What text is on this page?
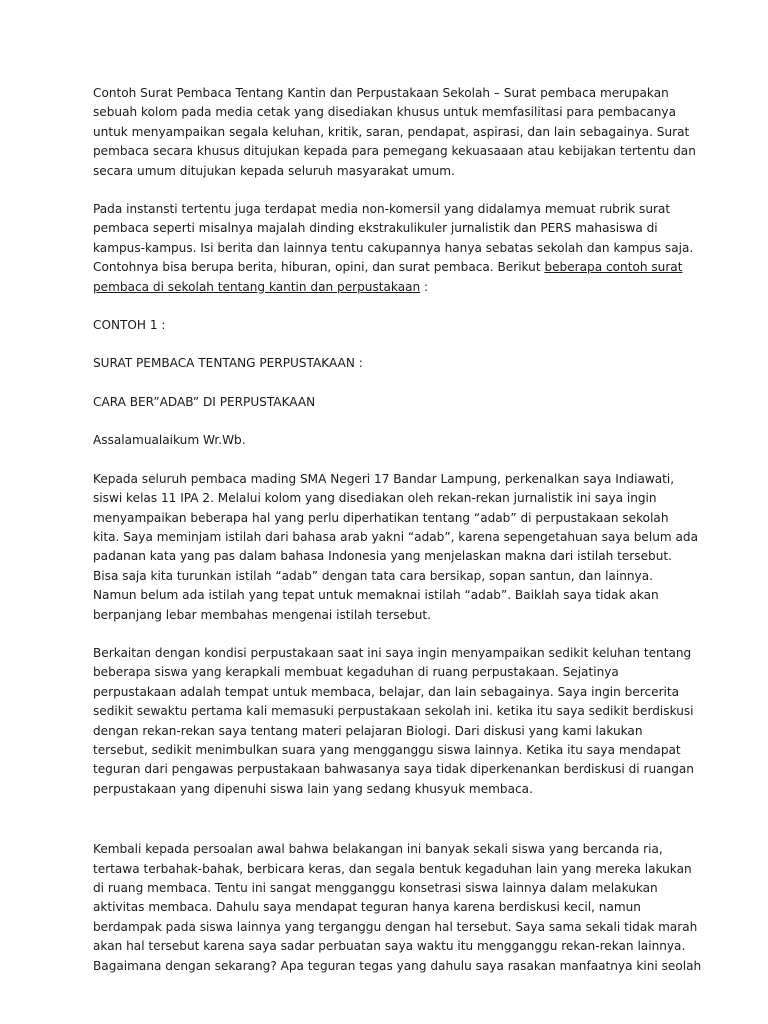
Contoh Surat Pembaca Tentang Kantin dan Perpustakaan Sekolah – Surat pembaca merupakan
sebuah kolom pada media cetak yang disediakan khusus untuk memfasilitasi para pembacanya
untuk menyampaikan segala keluhan, kritik, saran, pendapat, aspirasi, dan lain sebagainya. Surat
pembaca secara khusus ditujukan kepada para pemegang kekuasaaan atau kebijakan tertentu dan
secara umum ditujukan kepada seluruh masyarakat umum.

Pada instansti tertentu juga terdapat media non-komersil yang didalamya memuat rubrik surat
pembaca seperti misalnya majalah dinding ekstrakulikuler jurnalistik dan PERS mahasiswa di
kampus-kampus. Isi berita dan lainnya tentu cakupannya hanya sebatas sekolah dan kampus saja.
Contohnya bisa berupa berita, hiburan, opini, dan surat pembaca. Berikut beberapa contoh surat
pembaca di sekolah tentang kantin dan perpustakaan :

CONTOH 1 :

SURAT PEMBACA TENTANG PERPUSTAKAAN :

CARA BER”ADAB” DI PERPUSTAKAAN

Assalamualaikum Wr.Wb.

Kepada seluruh pembaca mading SMA Negeri 17 Bandar Lampung, perkenalkan saya Indiawati,
siswi kelas 11 IPA 2. Melalui kolom yang disediakan oleh rekan-rekan jurnalistik ini saya ingin
menyampaikan beberapa hal yang perlu diperhatikan tentang “adab” di perpustakaan sekolah
kita. Saya meminjam istilah dari bahasa arab yakni “adab”, karena sepengetahuan saya belum ada
padanan kata yang pas dalam bahasa Indonesia yang menjelaskan makna dari istilah tersebut.
Bisa saja kita turunkan istilah “adab” dengan tata cara bersikap, sopan santun, dan lainnya.
Namun belum ada istilah yang tepat untuk memaknai istilah “adab”. Baiklah saya tidak akan
berpanjang lebar membahas mengenai istilah tersebut.

Berkaitan dengan kondisi perpustakaan saat ini saya ingin menyampaikan sedikit keluhan tentang
beberapa siswa yang kerapkali membuat kegaduhan di ruang perpustakaan. Sejatinya
perpustakaan adalah tempat untuk membaca, belajar, dan lain sebagainya. Saya ingin bercerita
sedikit sewaktu pertama kali memasuki perpustakaan sekolah ini. ketika itu saya sedikit berdiskusi
dengan rekan-rekan saya tentang materi pelajaran Biologi. Dari diskusi yang kami lakukan
tersebut, sedikit menimbulkan suara yang mengganggu siswa lainnya. Ketika itu saya mendapat
teguran dari pengawas perpustakaan bahwasanya saya tidak diperkenankan berdiskusi di ruangan
perpustakaan yang dipenuhi siswa lain yang sedang khusyuk membaca.

Kembali kepada persoalan awal bahwa belakangan ini banyak sekali siswa yang bercanda ria,
tertawa terbahak-bahak, berbicara keras, dan segala bentuk kegaduhan lain yang mereka lakukan
di ruang membaca. Tentu ini sangat mengganggu konsetrasi siswa lainnya dalam melakukan
aktivitas membaca. Dahulu saya mendapat teguran hanya karena berdiskusi kecil, namun
berdampak pada siswa lainnya yang terganggu dengan hal tersebut. Saya sama sekali tidak marah
akan hal tersebut karena saya sadar perbuatan saya waktu itu mengganggu rekan-rekan lainnya.
Bagaimana dengan sekarang? Apa teguran tegas yang dahulu saya rasakan manfaatnya kini seolah
